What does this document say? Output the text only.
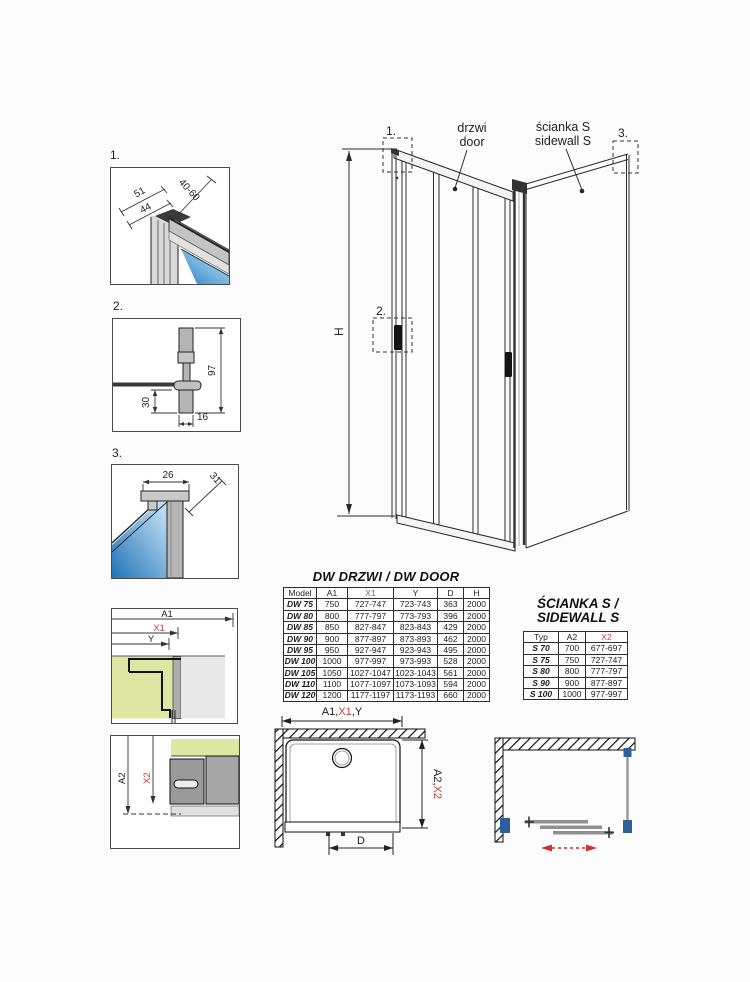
1.
51
44
40-60
2.
97
30
16
3.
26	31
H
1.
2.
3.
drzwi
door
ścianka S
sidewall S
DW DRZWI / DW DOOR
Model	A1	X1	Y	D	H
DW 75	750	727-747	723-743	363	2000
DW 80	800	777-797	773-793	396	2000
DW 85	850	827-847	823-843	429	2000
DW 90	900	877-897	873-893	462	2000
DW 95	950	927-947	923-943	495	2000
DW 100	1000	977-997	973-993	528	2000
DW 105	1050	1027-1047	1023-1043	561	2000
DW 110	1100	1077-1097	1073-1093	594	2000
DW 120	1200	1177-1197	1173-1193	660	2000
ŚCIANKA S /
SIDEWALL S
Typ	A2	X2
S 70	700	677-697
S 75	750	727-747
S 80	800	777-797
S 90	900	877-897
S 100	1000	977-997
A1
X1
Y
A2 X2
A1,X1,Y
A2,X2
D
